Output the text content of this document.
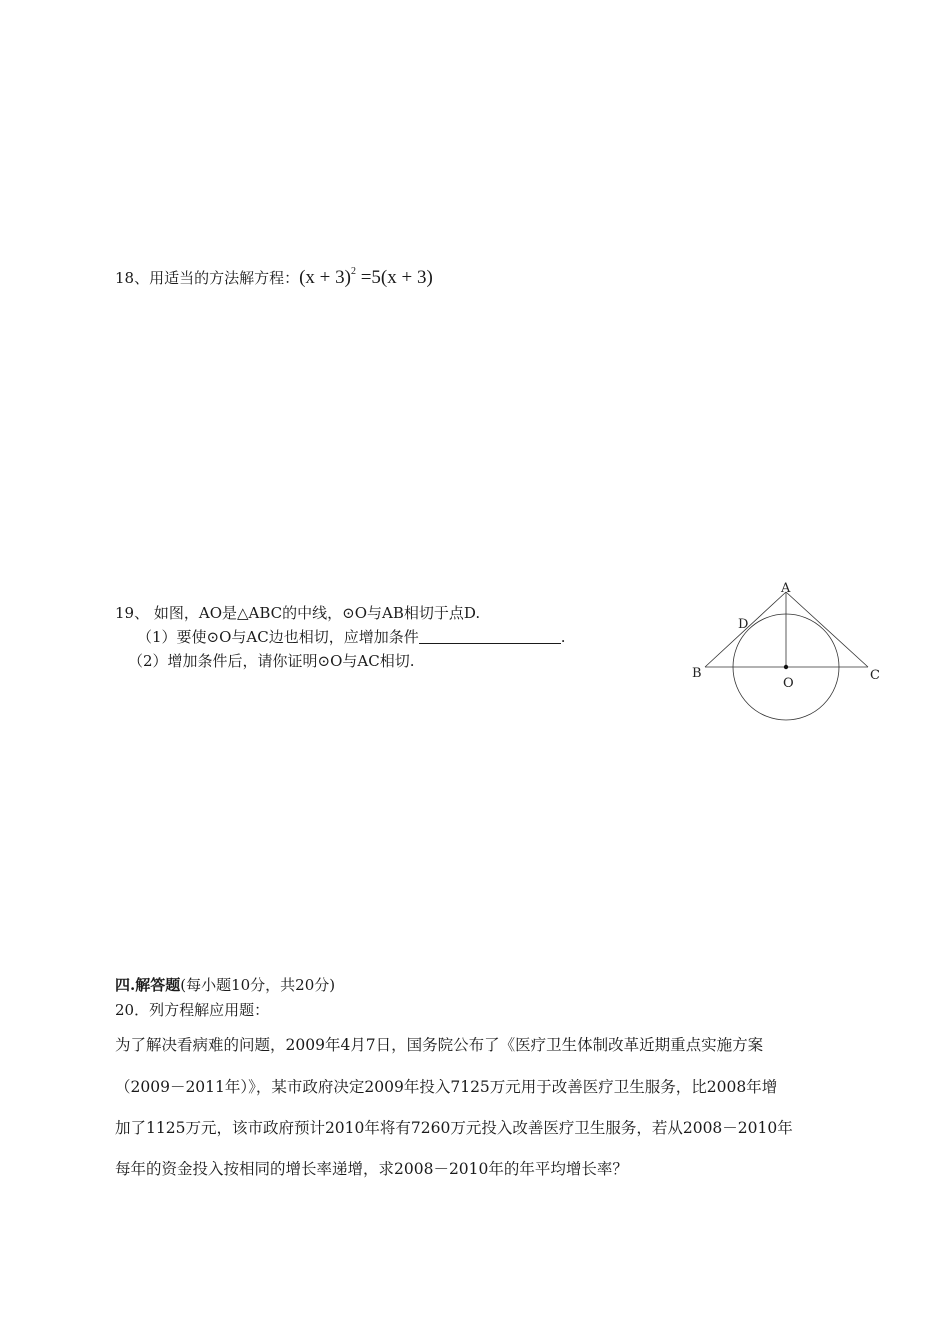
18、用适当的方法解方程：$(x + 3)^2 =5(x + 3)$
19、 如图，AO是△ABC的中线，⊙O与AB相切于点D.
（1）要使⊙O与AC边也相切，应增加条件	.
（2）增加条件后，请你证明⊙O与AC相切.
A
B	C
D
O
四.解答题(每小题10分，共20分)
20．列方程解应用题：
为了解决看病难的问题，2009年4月7日，国务院公布了《医疗卫生体制改革近期重点实施方案
（2009－2011年）》，某市政府决定2009年投入7125万元用于改善医疗卫生服务，比2008年增
加了1125万元，该市政府预计2010年将有7260万元投入改善医疗卫生服务，若从2008－2010年
每年的资金投入按相同的增长率递增，求2008－2010年的年平均增长率？
